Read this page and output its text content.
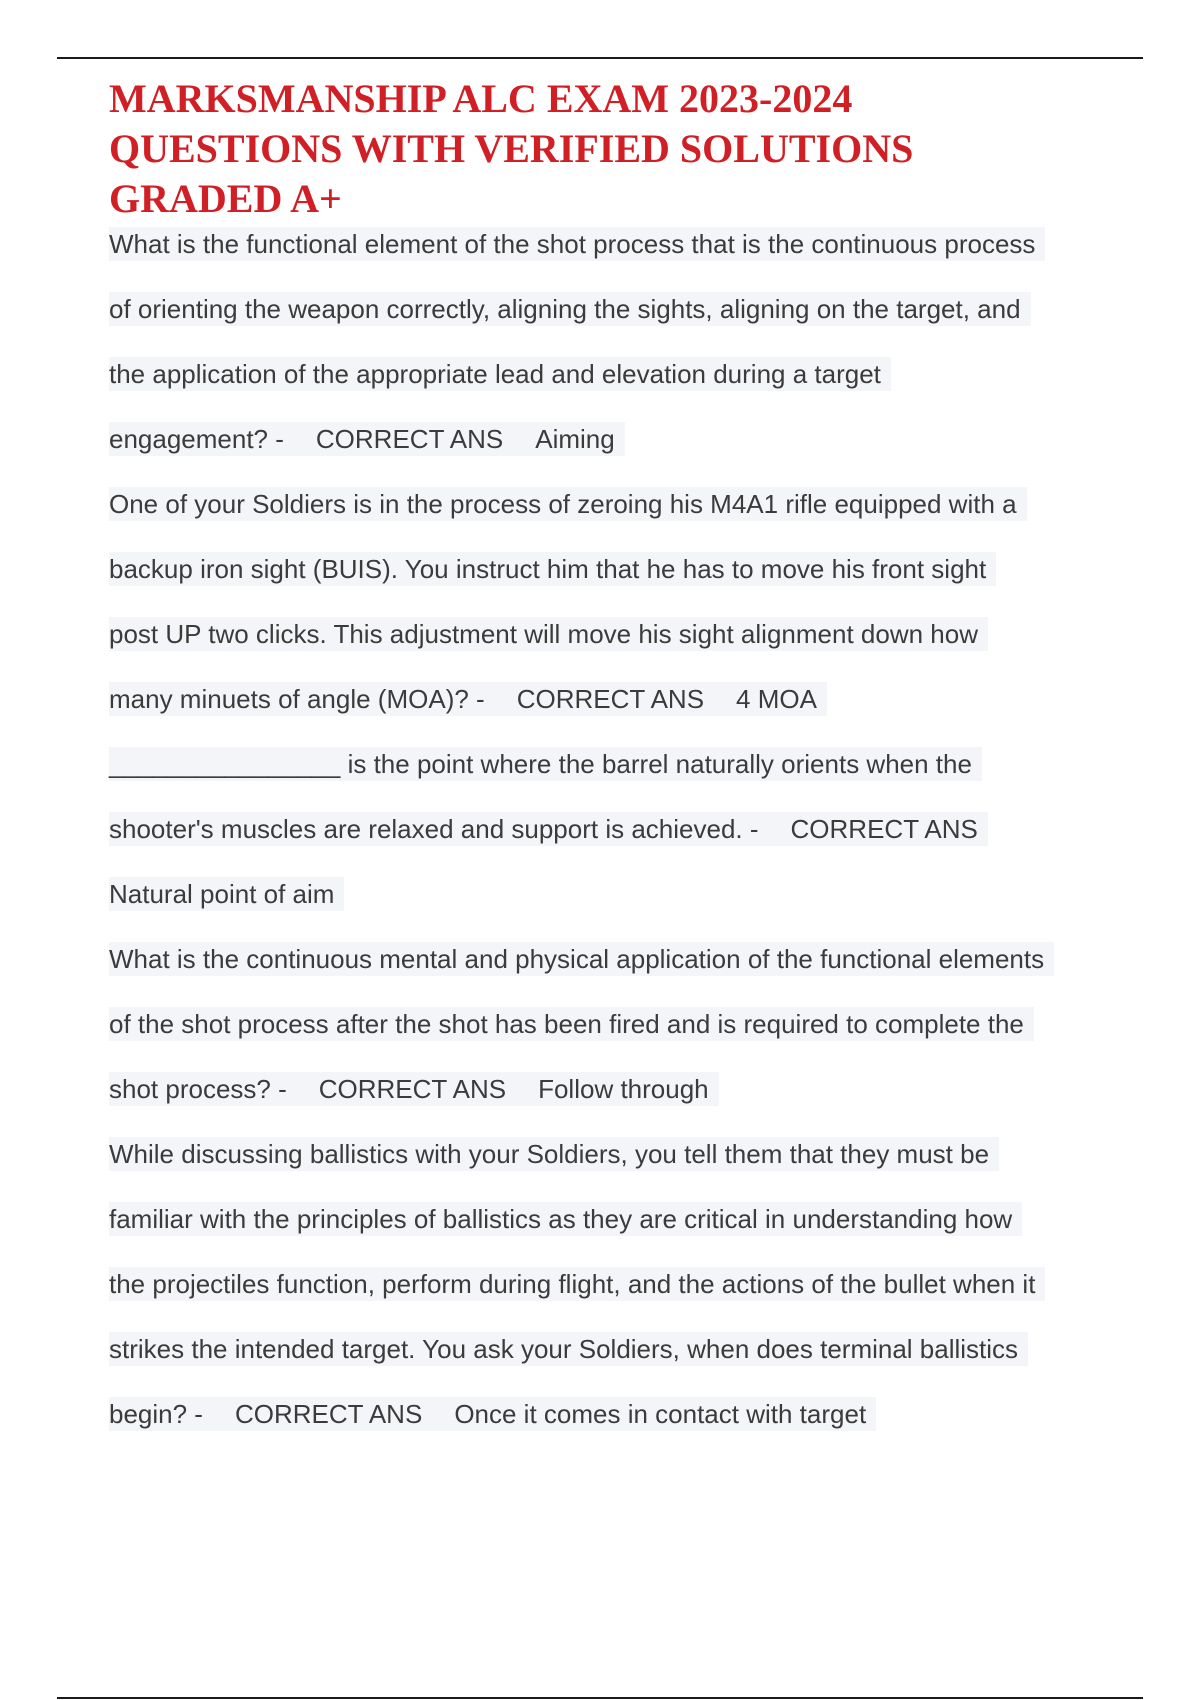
MARKSMANSHIP ALC EXAM 2023-2024
QUESTIONS WITH VERIFIED SOLUTIONS
GRADED A+
What is the functional element of the shot process that is the continuous process
of orienting the weapon correctly, aligning the sights, aligning on the target, and
the application of the appropriate lead and elevation during a target
engagement? - CORRECT ANS Aiming
One of your Soldiers is in the process of zeroing his M4A1 rifle equipped with a
backup iron sight (BUIS). You instruct him that he has to move his front sight
post UP two clicks. This adjustment will move his sight alignment down how
many minuets of angle (MOA)? - CORRECT ANS 4 MOA
________________ is the point where the barrel naturally orients when the
shooter's muscles are relaxed and support is achieved. - CORRECT ANS
Natural point of aim
What is the continuous mental and physical application of the functional elements
of the shot process after the shot has been fired and is required to complete the
shot process? - CORRECT ANS Follow through
While discussing ballistics with your Soldiers, you tell them that they must be
familiar with the principles of ballistics as they are critical in understanding how
the projectiles function, perform during flight, and the actions of the bullet when it
strikes the intended target. You ask your Soldiers, when does terminal ballistics
begin? - CORRECT ANS Once it comes in contact with target
